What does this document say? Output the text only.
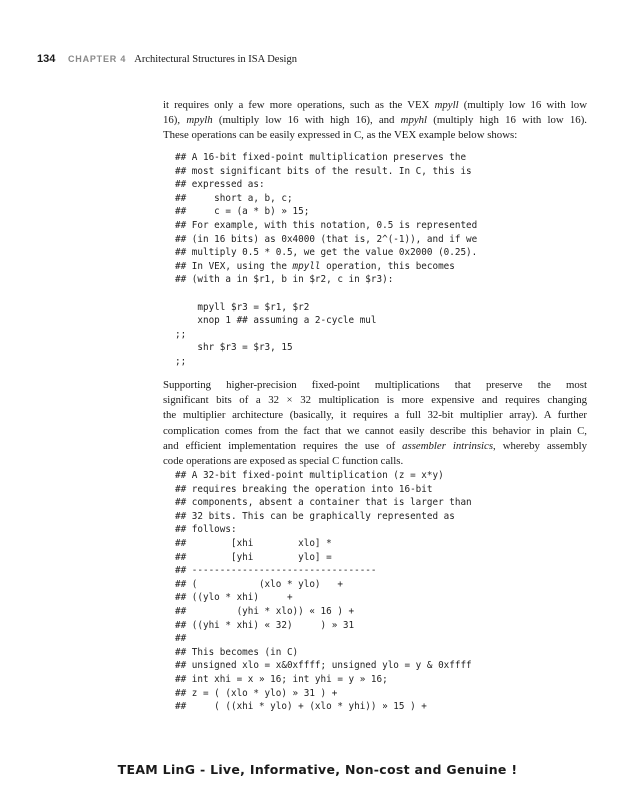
134 CHAPTER 4 Architectural Structures in ISA Design
it requires only a few more operations, such as the VEX mpyll (multiply low 16 with low
16), mpylh (multiply low 16 with high 16), and mpyhl (multiply high 16 with low 16).
These operations can be easily expressed in C, as the VEX example below shows:
## A 16-bit fixed-point multiplication preserves the
## most significant bits of the result. In C, this is
## expressed as:
##     short a, b, c;
##     c = (a * b) » 15;
## For example, with this notation, 0.5 is represented
## (in 16 bits) as 0x4000 (that is, 2^(-1)), and if we
## multiply 0.5 * 0.5, we get the value 0x2000 (0.25).
## In VEX, using the mpyll operation, this becomes
## (with a in $r1, b in $r2, c in $r3):
mpyll $r3 = $r1, $r2
xnop 1 ## assuming a 2-cycle mul
;;
shr $r3 = $r3, 15
;;
Supporting higher-precision fixed-point multiplications that preserve the most
significant bits of a 32 × 32 multiplication is more expensive and requires changing
the multiplier architecture (basically, it requires a full 32-bit multiplier array). A further
complication comes from the fact that we cannot easily describe this behavior in plain C,
and efficient implementation requires the use of assembler intrinsics, whereby assembly
code operations are exposed as special C function calls.
## A 32-bit fixed-point multiplication (z = x*y)
## requires breaking the operation into 16-bit
## components, absent a container that is larger than
## 32 bits. This can be graphically represented as
## follows:
##        [xhi        xlo] *
##        [yhi        ylo] =
## ---------------------------------
## (           (xlo * ylo)   +
## ((ylo * xhi)     +
##         (yhi * xlo)) « 16 ) +
## ((yhi * xhi) « 32)     ) » 31
##
## This becomes (in C)
## unsigned xlo = x&0xffff; unsigned ylo = y & 0xffff
## int xhi = x » 16; int yhi = y » 16;
## z = ( (xlo * ylo) » 31 ) +
##     ( ((xhi * ylo) + (xlo * yhi)) » 15 ) +
TEAM LinG - Live, Informative, Non-cost and Genuine !
